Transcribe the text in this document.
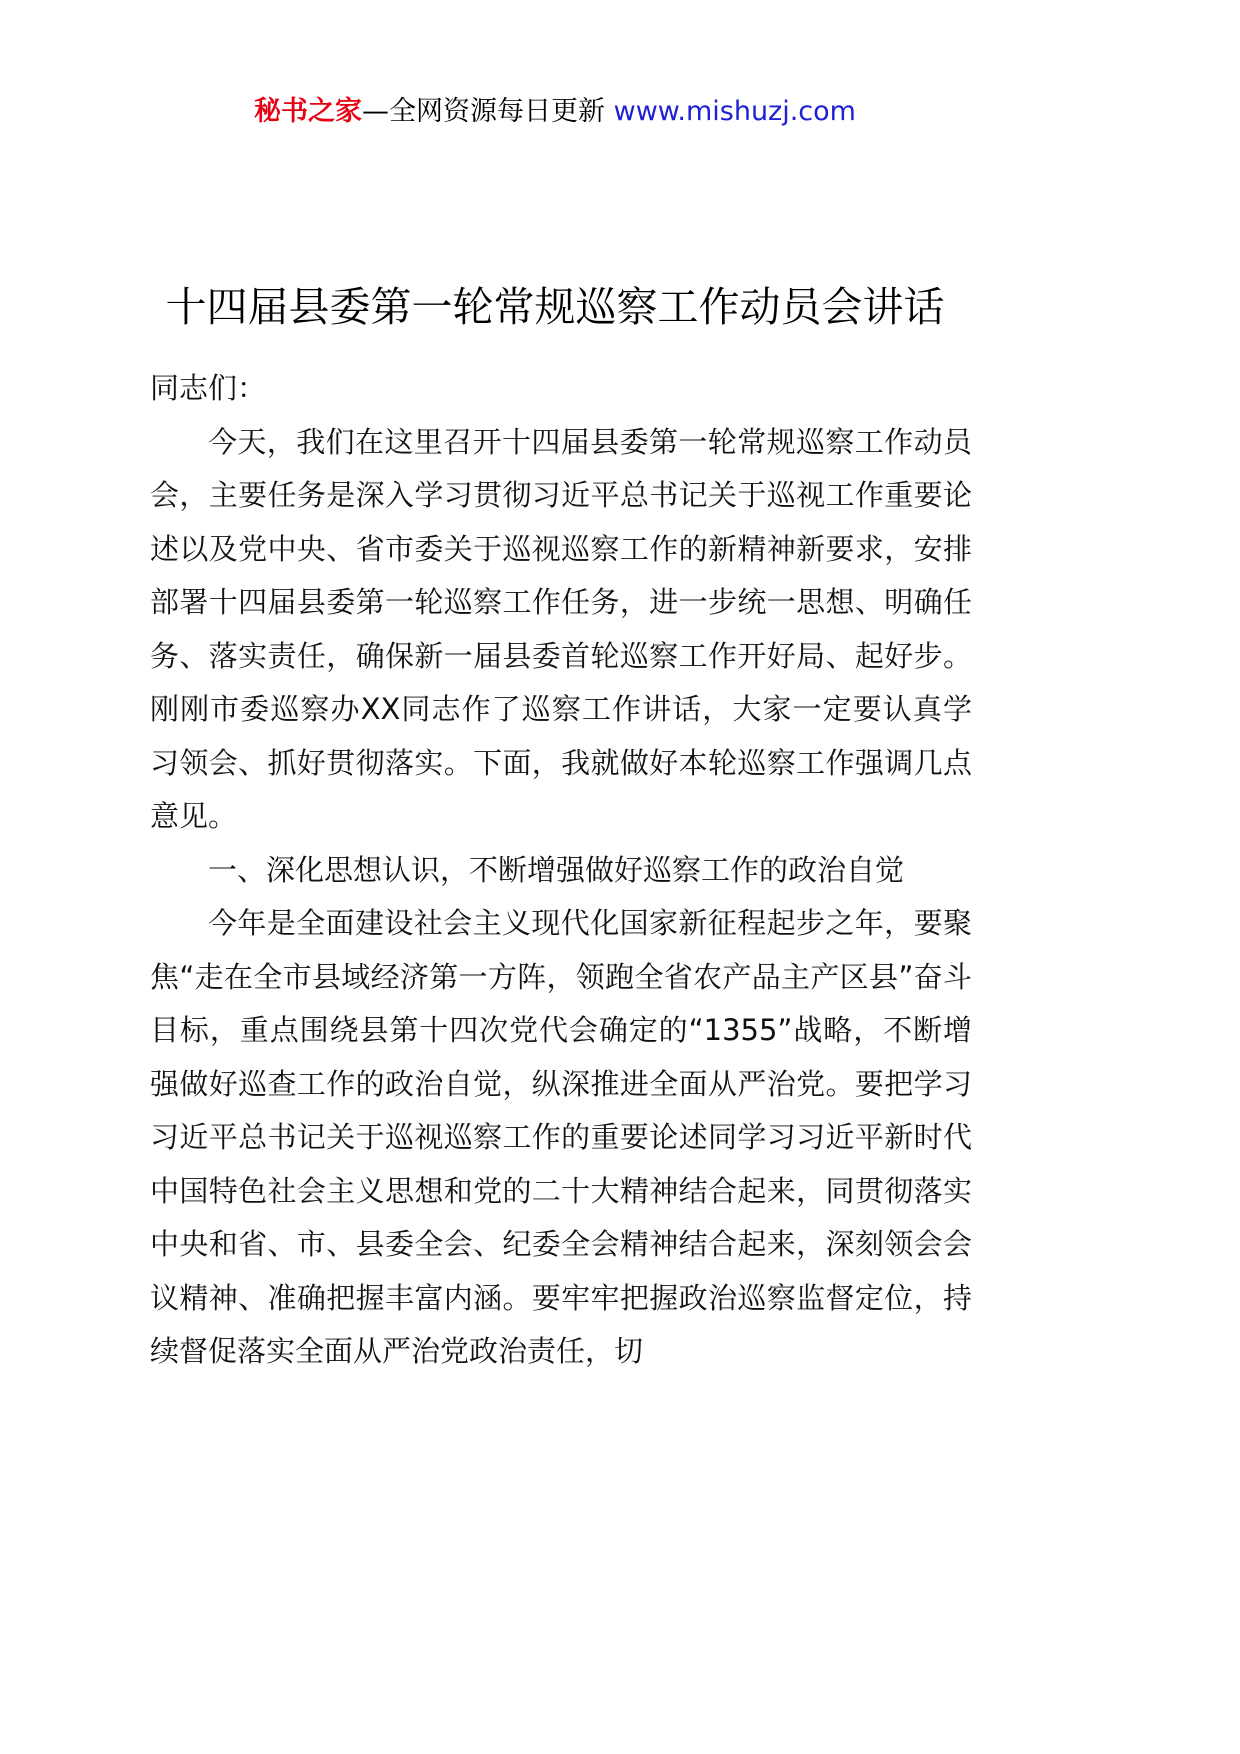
秘书之家—全网资源每日更新 www.mishuzj.com
十四届县委第一轮常规巡察工作动员会讲话

同志们：

今天，我们在这里召开十四届县委第一轮常规巡察工作动员会，主要任务是深入学习贯彻习近平总书记关于巡视工作重要论述以及党中央、省市委关于巡视巡察工作的新精神新要求，安排部署十四届县委第一轮巡察工作任务，进一步统一思想、明确任务、落实责任，确保新一届县委首轮巡察工作开好局、起好步。刚刚市委巡察办XX同志作了巡察工作讲话，大家一定要认真学习领会、抓好贯彻落实。下面，我就做好本轮巡察工作强调几点意见。

一、深化思想认识，不断增强做好巡察工作的政治自觉

今年是全面建设社会主义现代化国家新征程起步之年，要聚焦“走在全市县域经济第一方阵，领跑全省农产品主产区县”奋斗目标，重点围绕县第十四次党代会确定的“1355”战略，不断增强做好巡查工作的政治自觉，纵深推进全面从严治党。要把学习习近平总书记关于巡视巡察工作的重要论述同学习习近平新时代中国特色社会主义思想和党的二十大精神结合起来，同贯彻落实中央和省、市、县委全会、纪委全会精神结合起来，深刻领会会议精神、准确把握丰富内涵。要牢牢把握政治巡察监督定位，持续督促落实全面从严治党政治责任，切
